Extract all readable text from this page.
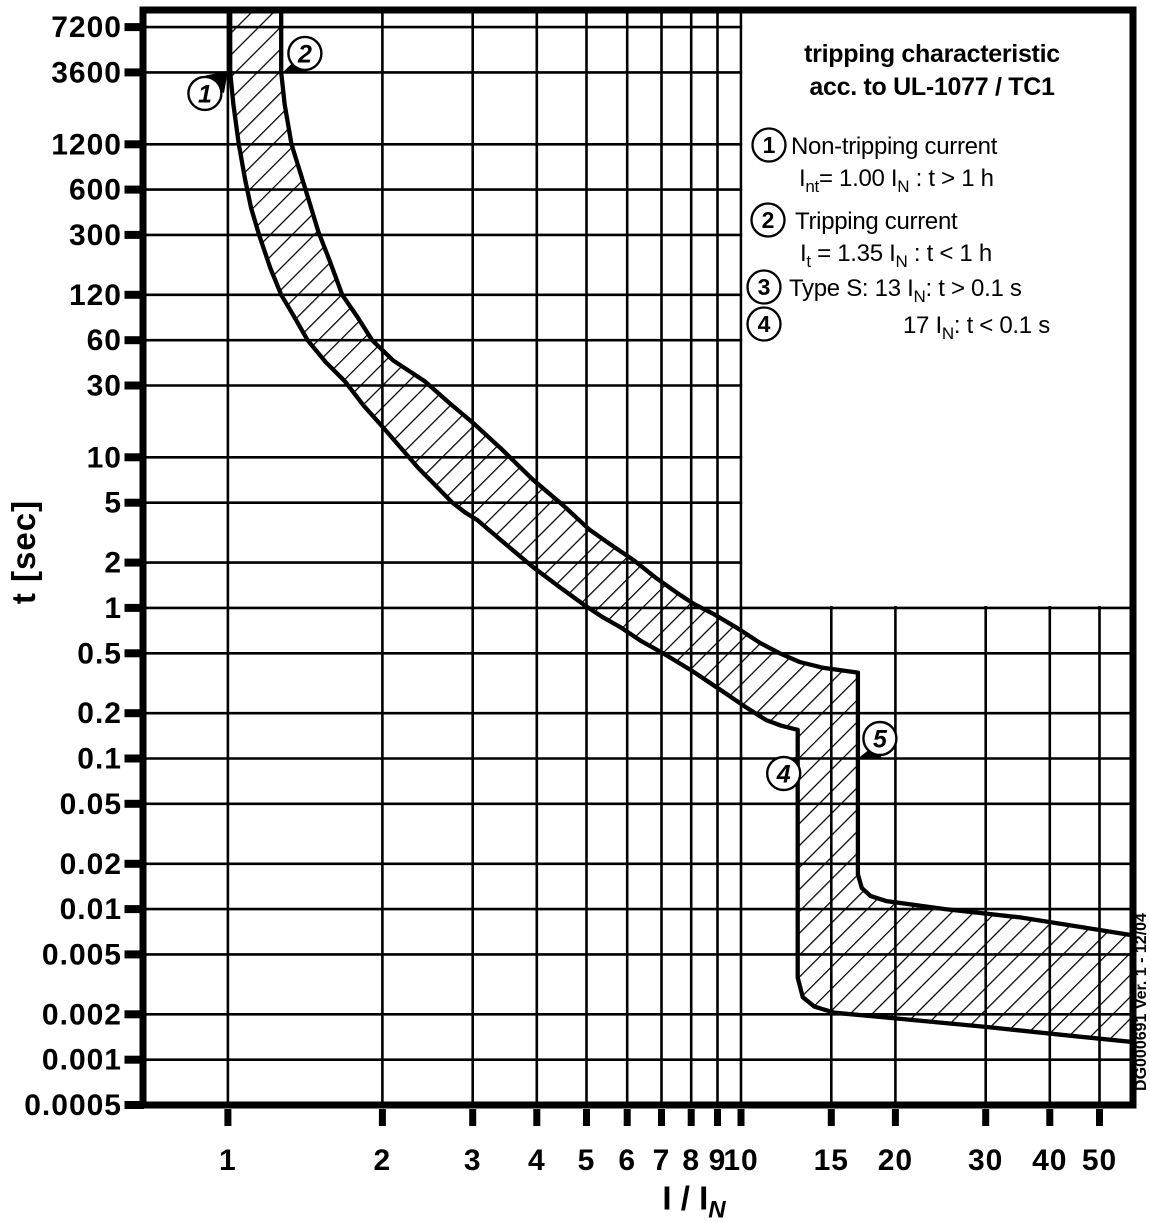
7200
3600
1200
600
300
120
60
30
10
5
2
1
0.5
0.2
0.1
0.05
0.02
0.01
0.005
0.002
0.001
0.0005
1	2 3 4 5 6 7 8 9
10 15 20 30 40 50
1 Non-tripping current
$I_{nt}= 1.00$ $I_N$ : t > 1 h
2 Tripping current
$I_t = 1.35$ $I_N$ : t < 1 h
3 Type S: 13 $I_N$: t > 0.1 s
4	17 $I_N$: t < 0.1 s
1
2
4
5
t [sec]
I / $I_N$
tripping characteristic
acc. to UL-1077 / TC1
DG000691 Ver. 1 - 12/04
